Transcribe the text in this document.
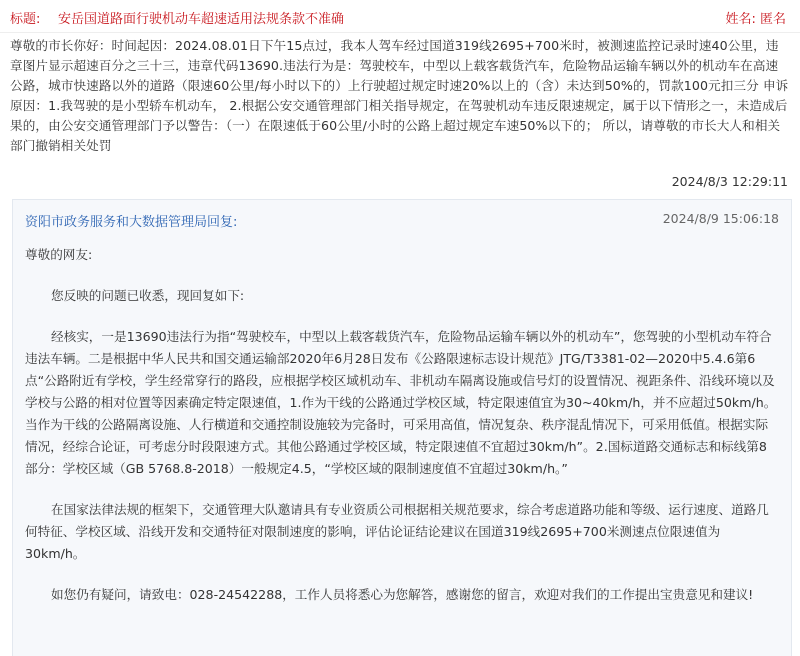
标题: 安岳国道路面行驶机动车超速适用法规条款不准确	姓名: 匿名
尊敬的市长你好：时间起因：2024.08.01日下午15点过，我本人驾车经过国道319线2695+700米时，被测速监控记录时速40公里，违章图片显示超速百分之三十三，违章代码13690.违法行为是：驾驶校车，中型以上载客载货汽车，危险物品运输车辆以外的机动车在高速公路，城市快速路以外的道路（限速60公里/每小时以下的）上行驶超过规定时速20%以上的（含）未达到50%的，罚款100元扣三分 申诉原因：1.我驾驶的是小型轿车机动车， 2.根据公安交通管理部门相关指导规定，在驾驶机动车违反限速规定，属于以下情形之一，未造成后果的，由公安交通管理部门予以警告：（一）在限速低于60公里/小时的公路上超过规定车速50%以下的； 所以，请尊敬的市长大人和相关部门撤销相关处罚
2024/8/3 12:29:11
资阳市政务服务和大数据管理局回复:	2024/8/9 15:06:18

尊敬的网友:

您反映的问题已收悉，现回复如下:

经核实，一是13690违法行为指“驾驶校车，中型以上载客载货汽车，危险物品运输车辆以外的机动车”，您驾驶的小型机动车符合违法车辆。二是根据中华人民共和国交通运输部2020年6月28日发布《公路限速标志设计规范》JTG/T3381-02—2020中5.4.6第6点“公路附近有学校，学生经常穿行的路段，应根据学校区域机动车、非机动车隔离设施或信号灯的设置情况、视距条件、沿线环境以及学校与公路的相对位置等因素确定特定限速值，1.作为干线的公路通过学校区域，特定限速值宜为30~40km/h，并不应超过50km/h。当作为干线的公路隔离设施、人行横道和交通控制设施较为完备时，可采用高值，情况复杂、秩序混乱情况下，可采用低值。根据实际情况，经综合论证，可考虑分时段限速方式。其他公路通过学校区域，特定限速值不宜超过30km/h”。2.国标道路交通标志和标线第8部分：学校区域（GB 5768.8-2018）一般规定4.5，“学校区域的限制速度值不宜超过30km/h。”

在国家法律法规的框架下，交通管理大队邀请具有专业资质公司根据相关规范要求，综合考虑道路功能和等级、运行速度、道路几何特征、学校区域、沿线开发和交通特征对限制速度的影响，评估论证结论建议在国道319线2695+700米测速点位限速值为30km/h。

如您仍有疑问，请致电：028-24542288，工作人员将悉心为您解答，感谢您的留言，欢迎对我们的工作提出宝贵意见和建议!
